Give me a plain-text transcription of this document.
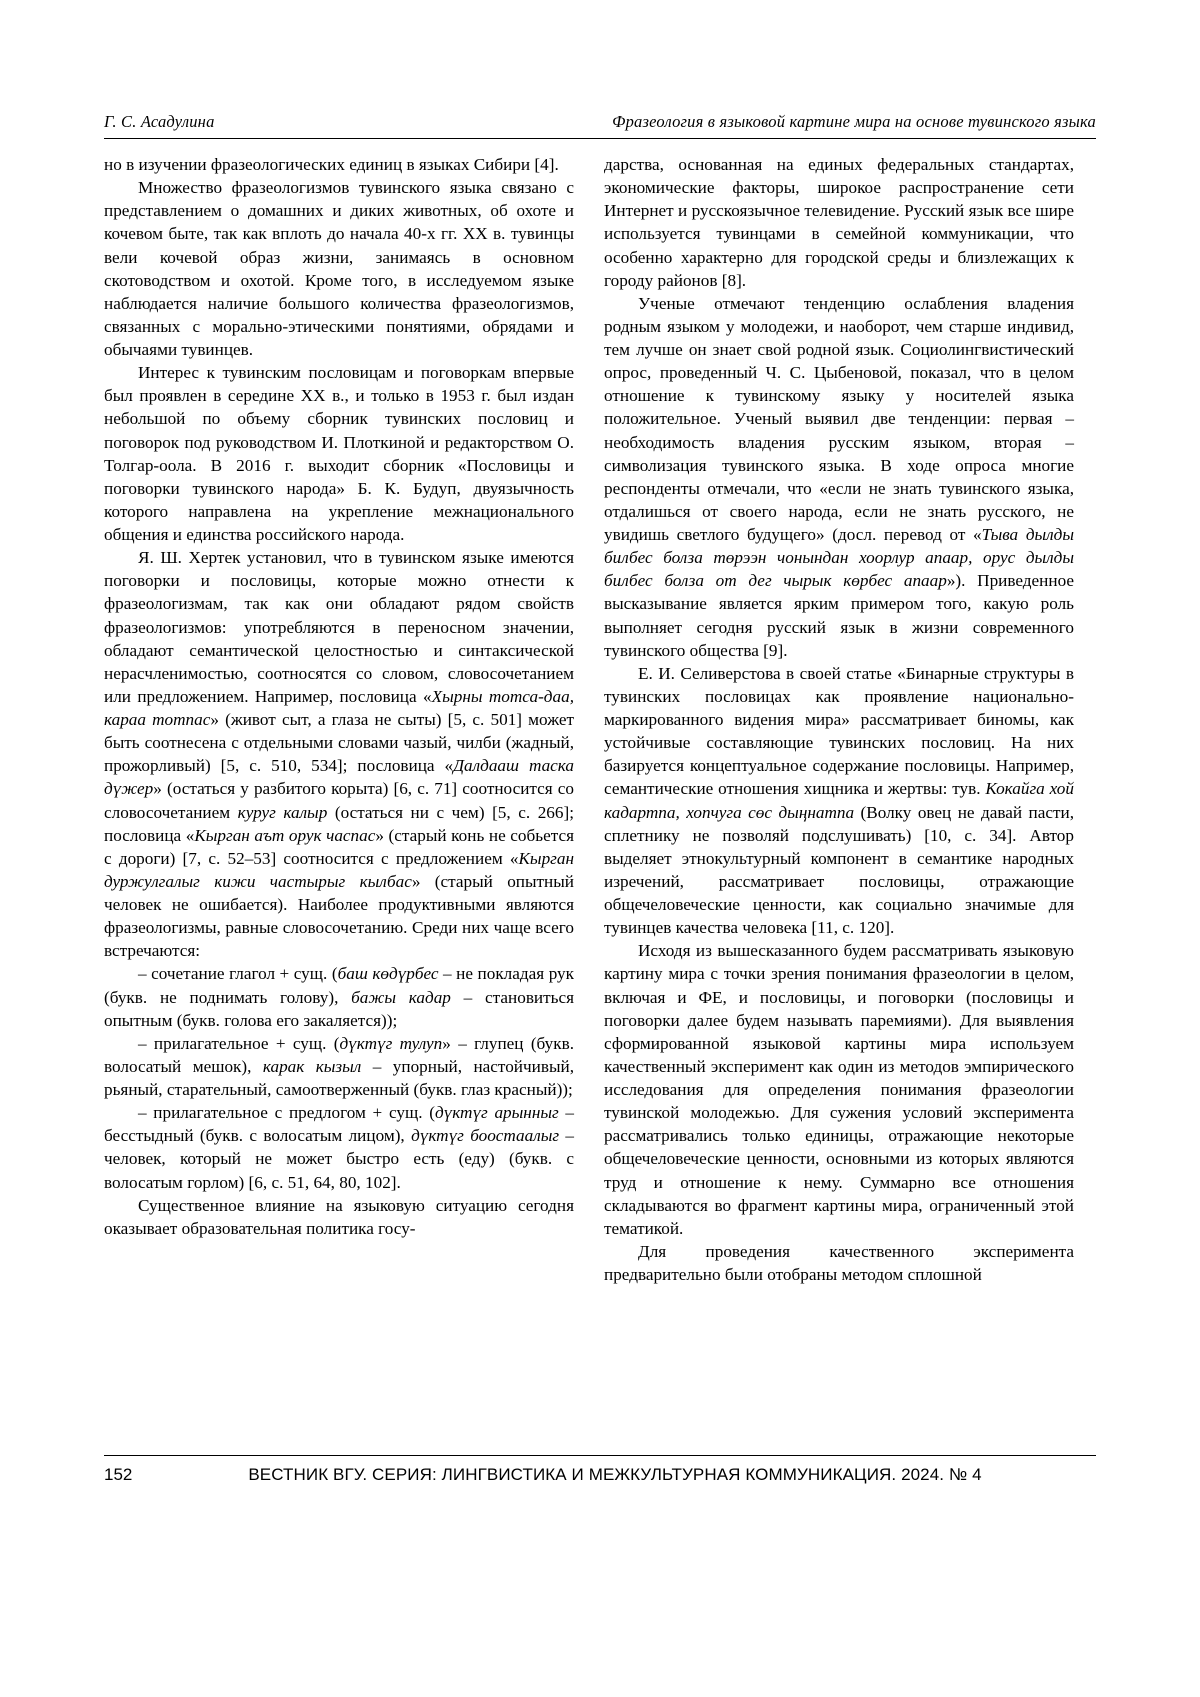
Г. С. Асадулина	Фразеология в языковой картине мира на основе тувинского языка

но в изучении фразеологических единиц в языках Сибири [4].

Множество фразеологизмов тувинского языка связано с представлением о домашних и диких животных, об охоте и кочевом быте, так как вплоть до начала 40-х гг. XX в. тувинцы вели кочевой образ жизни, занимаясь в основном скотоводством и охотой. Кроме того, в исследуемом языке наблюдается наличие большого количества фразеологизмов, связанных с морально-этическими понятиями, обрядами и обычаями тувинцев.

Интерес к тувинским пословицам и поговоркам впервые был проявлен в середине XX в., и только в 1953 г. был издан небольшой по объему сборник тувинских пословиц и поговорок под руководством И. Плоткиной и редакторством О. Толгар-оола. В 2016 г. выходит сборник «Пословицы и поговорки тувинского народа» Б. К. Будуп, двуязычность которого направлена на укрепление межнационального общения и единства российского народа.

Я. Ш. Хертек установил, что в тувинском языке имеются поговорки и пословицы, которые можно отнести к фразеологизмам, так как они обладают рядом свойств фразеологизмов: употребляются в переносном значении, обладают семантической целостностью и синтаксической нерасчленимостью, соотносятся со словом, словосочетанием или предложением. Например, пословица «Хырны тотса-даа, карaa тотпас» (живот сыт, а глаза не сыты) [5, с. 501] может быть соотнесена с отдельными словами чазый, чилби (жадный, прожорливый) [5, с. 510, 534]; пословица «Далдааш таска дүжер» (остаться у разбитого корыта) [6, с. 71] соотносится со словосочетанием куруг калыр (остаться ни с чем) [5, с. 266]; пословица «Кырган аът орук часпас» (старый конь не собьется с дороги) [7, с. 52–53] соотносится с предложением «Кырган дуржулгалыг кижи частырыг кылбас» (старый опытный человек не ошибается). Наиболее продуктивными являются фразеологизмы, равные словосочетанию. Среди них чаще всего встречаются:

– сочетание глагол + сущ. (баш көдүрбес – не покладая рук (букв. не поднимать голову), бажы кадар – становиться опытным (букв. голова его закаляется));

– прилагательное + сущ. (дүктүг тулуп» – глупец (букв. волосатый мешок), карак кызыл – упорный, настойчивый, рьяный, старательный, самоотверженный (букв. глаз красный));

– прилагательное с предлогом + сущ. (дүктүг арынныг – бесстыдный (букв. с волосатым лицом), дүктүг боостаалыг – человек, который не может быстро есть (еду) (букв. с волосатым горлом) [6, с. 51, 64, 80, 102].

Существенное влияние на языковую ситуацию сегодня оказывает образовательная политика госу-

дарства, основанная на единых федеральных стандартах, экономические факторы, широкое распространение сети Интернет и русскоязычное телевидение. Русский язык все шире используется тувинцами в семейной коммуникации, что особенно характерно для городской среды и близлежащих к городу районов [8].

Ученые отмечают тенденцию ослабления владения родным языком у молодежи, и наоборот, чем старше индивид, тем лучше он знает свой родной язык. Социолингвистический опрос, проведенный Ч. С. Цыбеновой, показал, что в целом отношение к тувинскому языку у носителей языка положительное. Ученый выявил две тенденции: первая – необходимость владения русским языком, вторая – символизация тувинского языка. В ходе опроса многие респонденты отмечали, что «если не знать тувинского языка, отдалишься от своего народа, если не знать русского, не увидишь светлого будущего» (досл. перевод от «Тыва дылды билбес болза төрээн чонындан хоорлур апаар, орус дылды билбес болза от дег чырык көрбес апаар»). Приведенное высказывание является ярким примером того, какую роль выполняет сегодня русский язык в жизни современного тувинского общества [9].

Е. И. Селиверстова в своей статье «Бинарные структуры в тувинских пословицах как проявление национально-маркированного видения мира» рассматривает биномы, как устойчивые составляющие тувинских пословиц. На них базируется концептуальное содержание пословицы. Например, семантические отношения хищника и жертвы: тув. Кокайга хой кадартпа, хопчуга сөс дыңнатпа (Волку овец не давай пасти, сплетнику не позволяй подслушивать) [10, с. 34]. Автор выделяет этнокультурный компонент в семантике народных изречений, рассматривает пословицы, отражающие общечеловеческие ценности, как социально значимые для тувинцев качества человека [11, с. 120].

Исходя из вышесказанного будем рассматривать языковую картину мира с точки зрения понимания фразеологии в целом, включая и ФЕ, и пословицы, и поговорки (пословицы и поговорки далее будем называть паремиями). Для выявления сформированной языковой картины мира используем качественный эксперимент как один из методов эмпирического исследования для определения понимания фразеологии тувинской молодежью. Для сужения условий эксперимента рассматривались только единицы, отражающие некоторые общечеловеческие ценности, основными из которых являются труд и отношение к нему. Суммарно все отношения складываются во фрагмент картины мира, ограниченный этой тематикой.

Для проведения качественного эксперимента предварительно были отобраны методом сплошной

152	ВЕСТНИК ВГУ. СЕРИЯ: ЛИНГВИСТИКА И МЕЖКУЛЬТУРНАЯ КОММУНИКАЦИЯ. 2024. № 4
